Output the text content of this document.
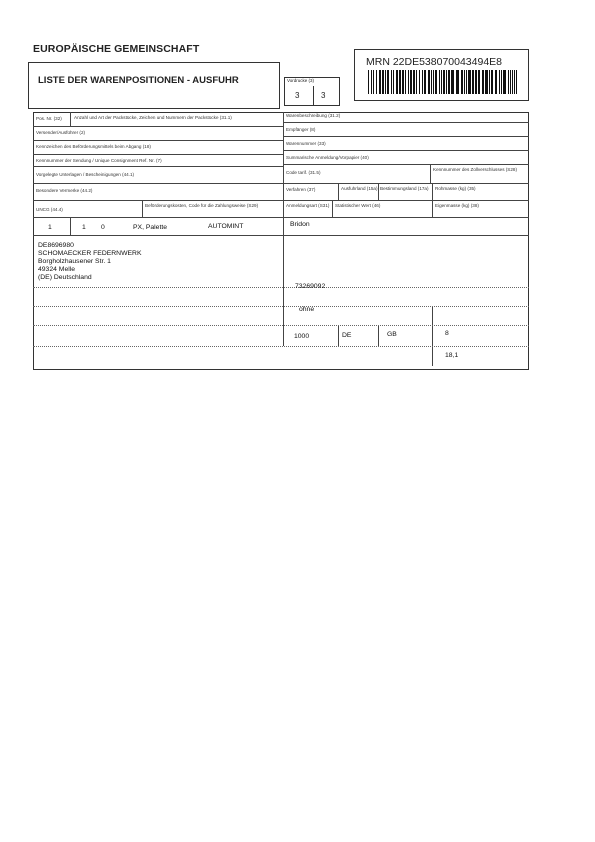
EUROPÄISCHE GEMEINSCHAFT
LISTE DER WARENPOSITIONEN - AUSFUHR	Vordruckе (3)
3	3
MRN 22DE538070043494E8
Pos. Nr. (32)	Anzahl und Art der Packstücke, Zeichen und Nummern der Packstücke (31.1)	Warenbeschreibung (31.2)
Versender/Ausführer (2)
Empfänger (8)
Kennzeichen des Beförderungsmittels beim Abgang (18)
Warennummer (33)
Kennnummer der Sendung / Unique Consignment Ref. Nr. (7)
Summarische Anmeldung/Vorpapier (40)
Vorgelegte Unterlagen / Bescheinigungen (44.1)	Code tarif. (31.5)
Kennnummer des Zollverschlusses (S28)
Besondere Vermerke (44.2)	Verfahren (37)	Ausfuhrland (15a) Bestimmungsland (17a) Rohmasse (kg) (35)
UNCG (44.4)
Beförderungskosten, Code für die Zahlungsweise (S29)	Anmeldungsart (S31) Statistischer Wert (46)	Eigenmasse (kg) (38)
1	1 0	PX, Palette	AUTOMINT	Bridon
DE8696980
SCHOMAECKER FEDERNWERK
Borgholzhausener Str. 1
49324 Melle
(DE) Deutschland
73269092
ohne
1000	DE	GB	8
18,1
